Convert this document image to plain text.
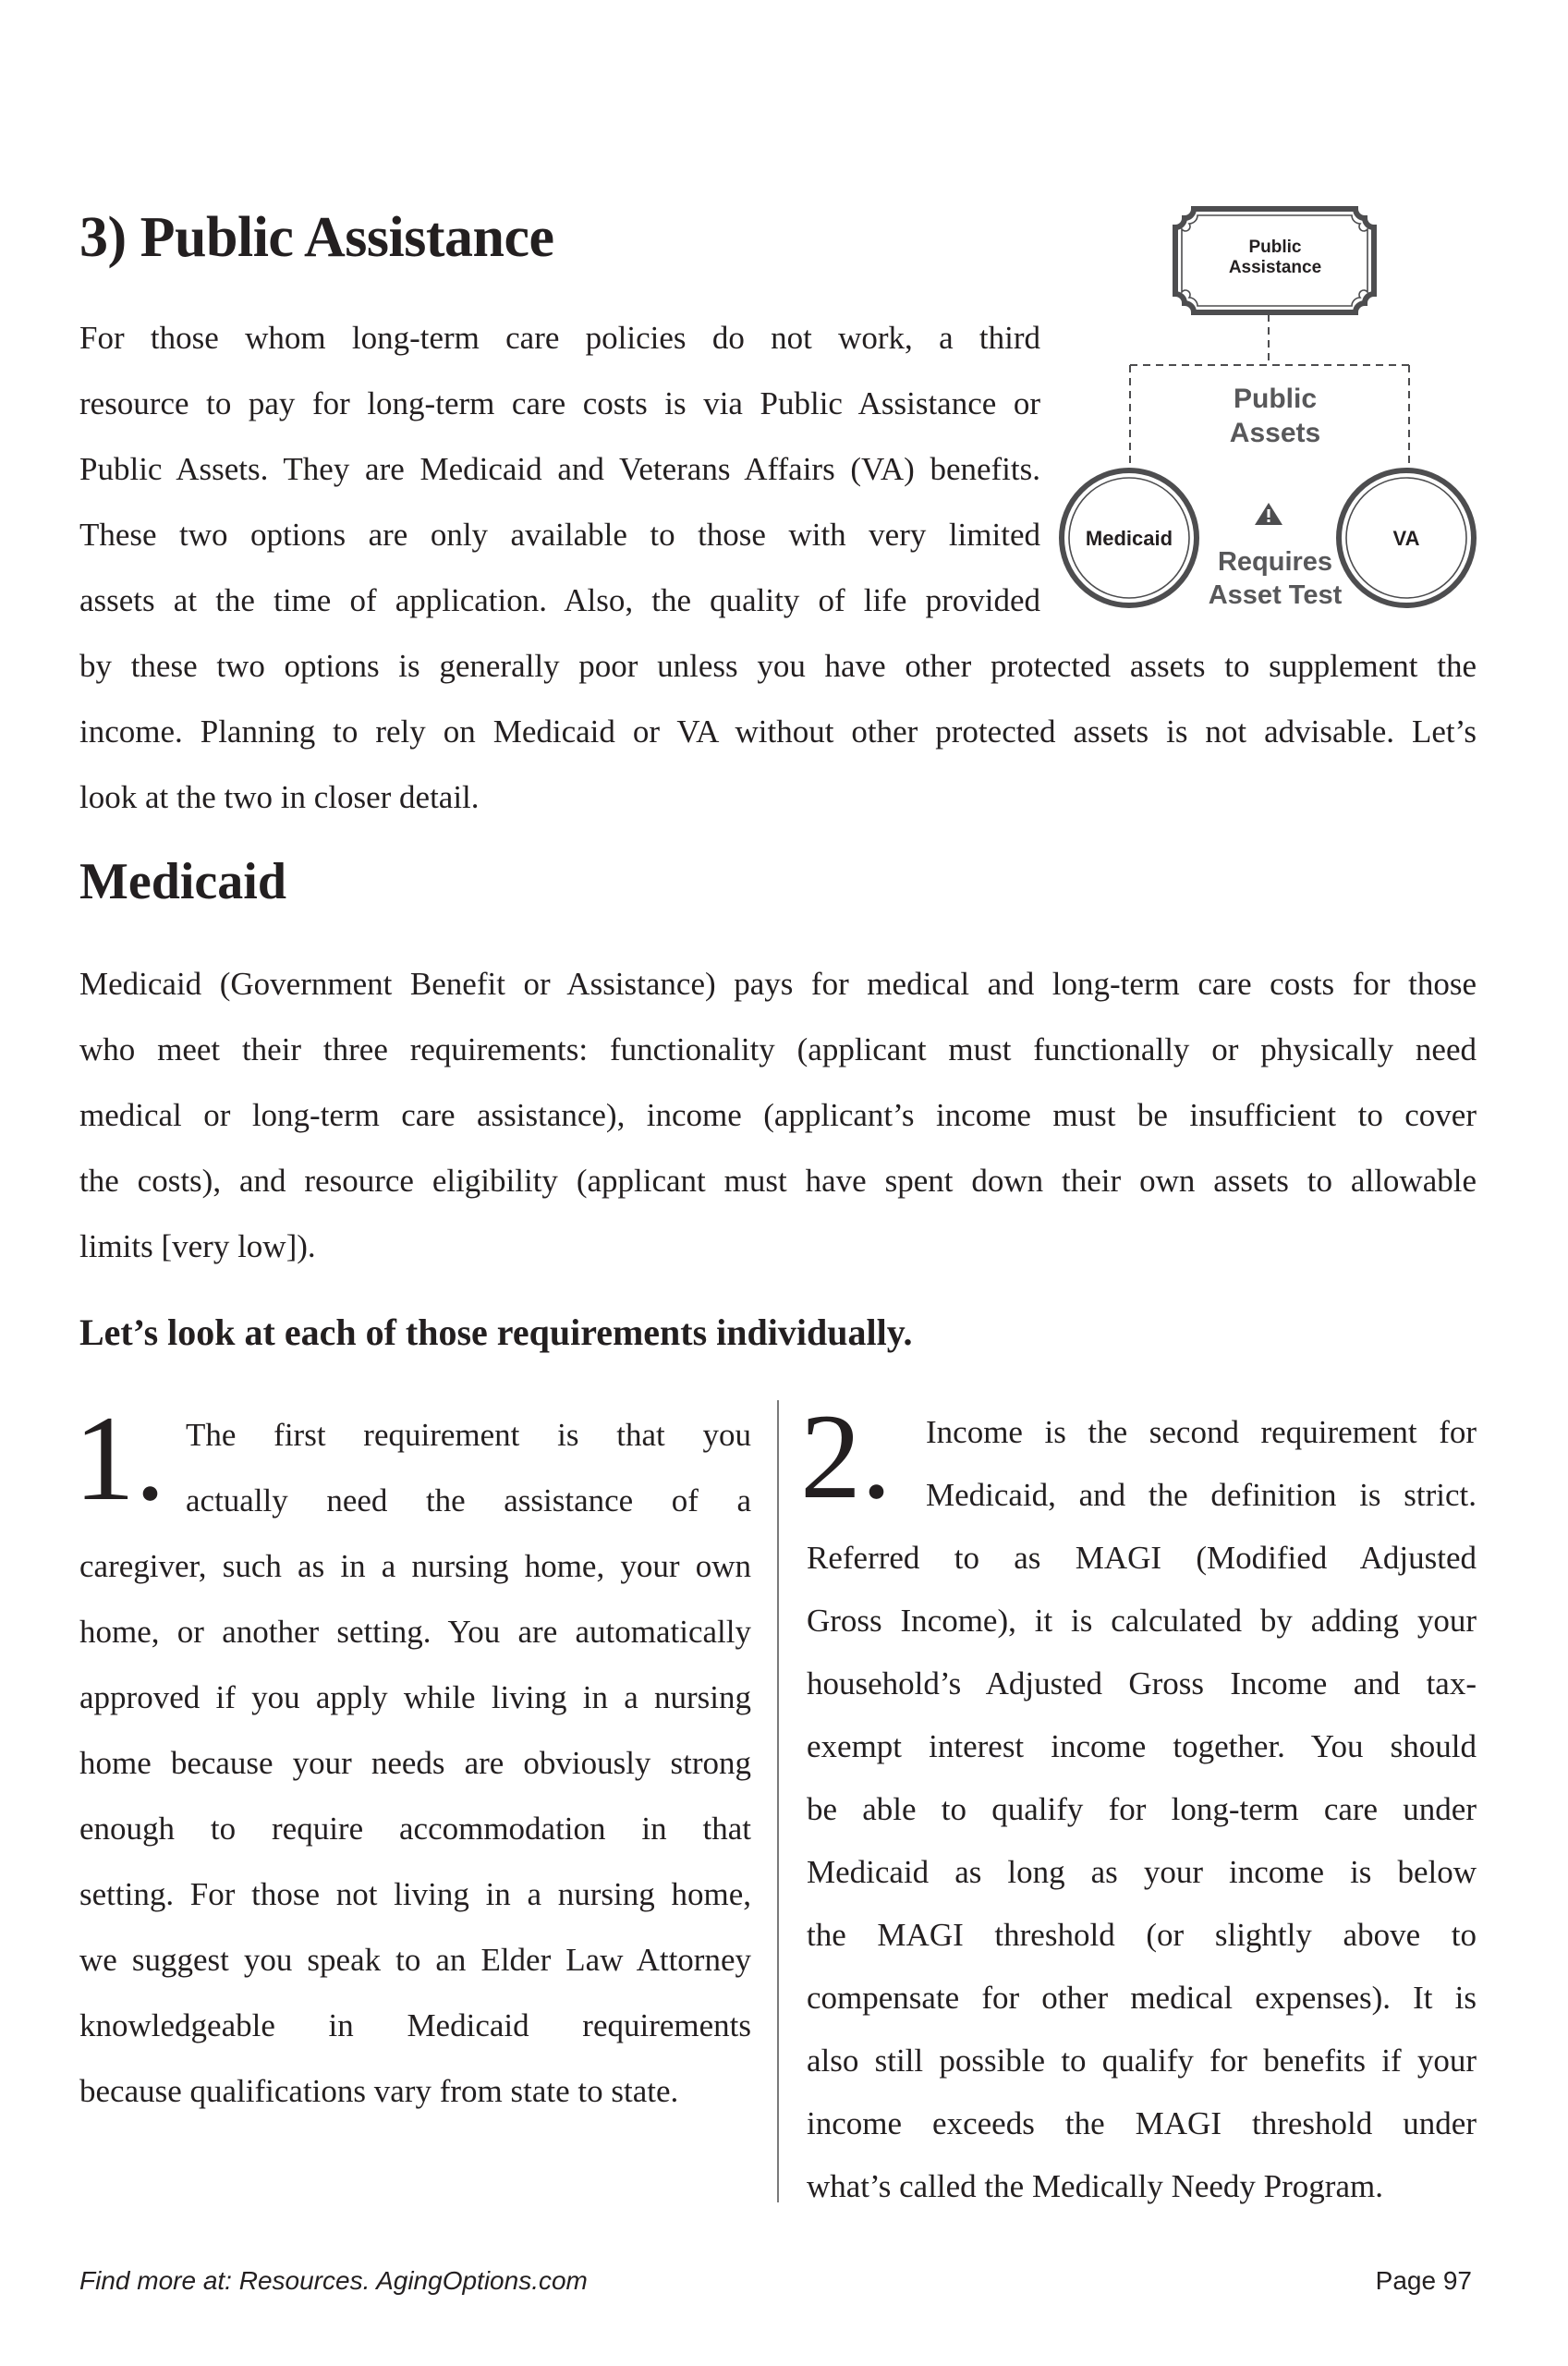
3) Public Assistance
For those whom long-term care policies do not work, a third
resource to pay for long-term care costs is via Public Assistance or
Public Assets. They are Medicaid and Veterans Affairs (VA) benefits.
These two options are only available to those with very limited
assets at the time of application. Also, the quality of life provided
by these two options is generally poor unless you have other protected assets to supplement the
income. Planning to rely on Medicaid or VA without other protected assets is not advisable. Let’s
look at the two in closer detail.
Public
Assistance
Public
Assets
Medicaid	VA
Requires
Asset Test
Medicaid
Medicaid (Government Benefit or Assistance) pays for medical and long-term care costs for those
who meet their three requirements: functionality (applicant must functionally or physically need
medical or long-term care assistance), income (applicant’s income must be insufficient to cover
the costs), and resource eligibility (applicant must have spent down their own assets to allowable
limits [very low]).
Let’s look at each of those requirements individually.
1. The first requirement is that you
actually need the assistance of a
caregiver, such as in a nursing home, your own
home, or another setting. You are automatically
approved if you apply while living in a nursing
home because your needs are obviously strong
enough to require accommodation in that
setting. For those not living in a nursing home,
we suggest you speak to an Elder Law Attorney
knowledgeable in Medicaid requirements
because qualifications vary from state to state.
2. Income is the second requirement for
Medicaid, and the definition is strict.
Referred to as MAGI (Modified Adjusted
Gross Income), it is calculated by adding your
household’s Adjusted Gross Income and tax-
exempt interest income together. You should
be able to qualify for long-term care under
Medicaid as long as your income is below
the MAGI threshold (or slightly above to
compensate for other medical expenses). It is
also still possible to qualify for benefits if your
income exceeds the MAGI threshold under
what’s called the Medically Needy Program.
Find more at: Resources. AgingOptions.com	Page 97
